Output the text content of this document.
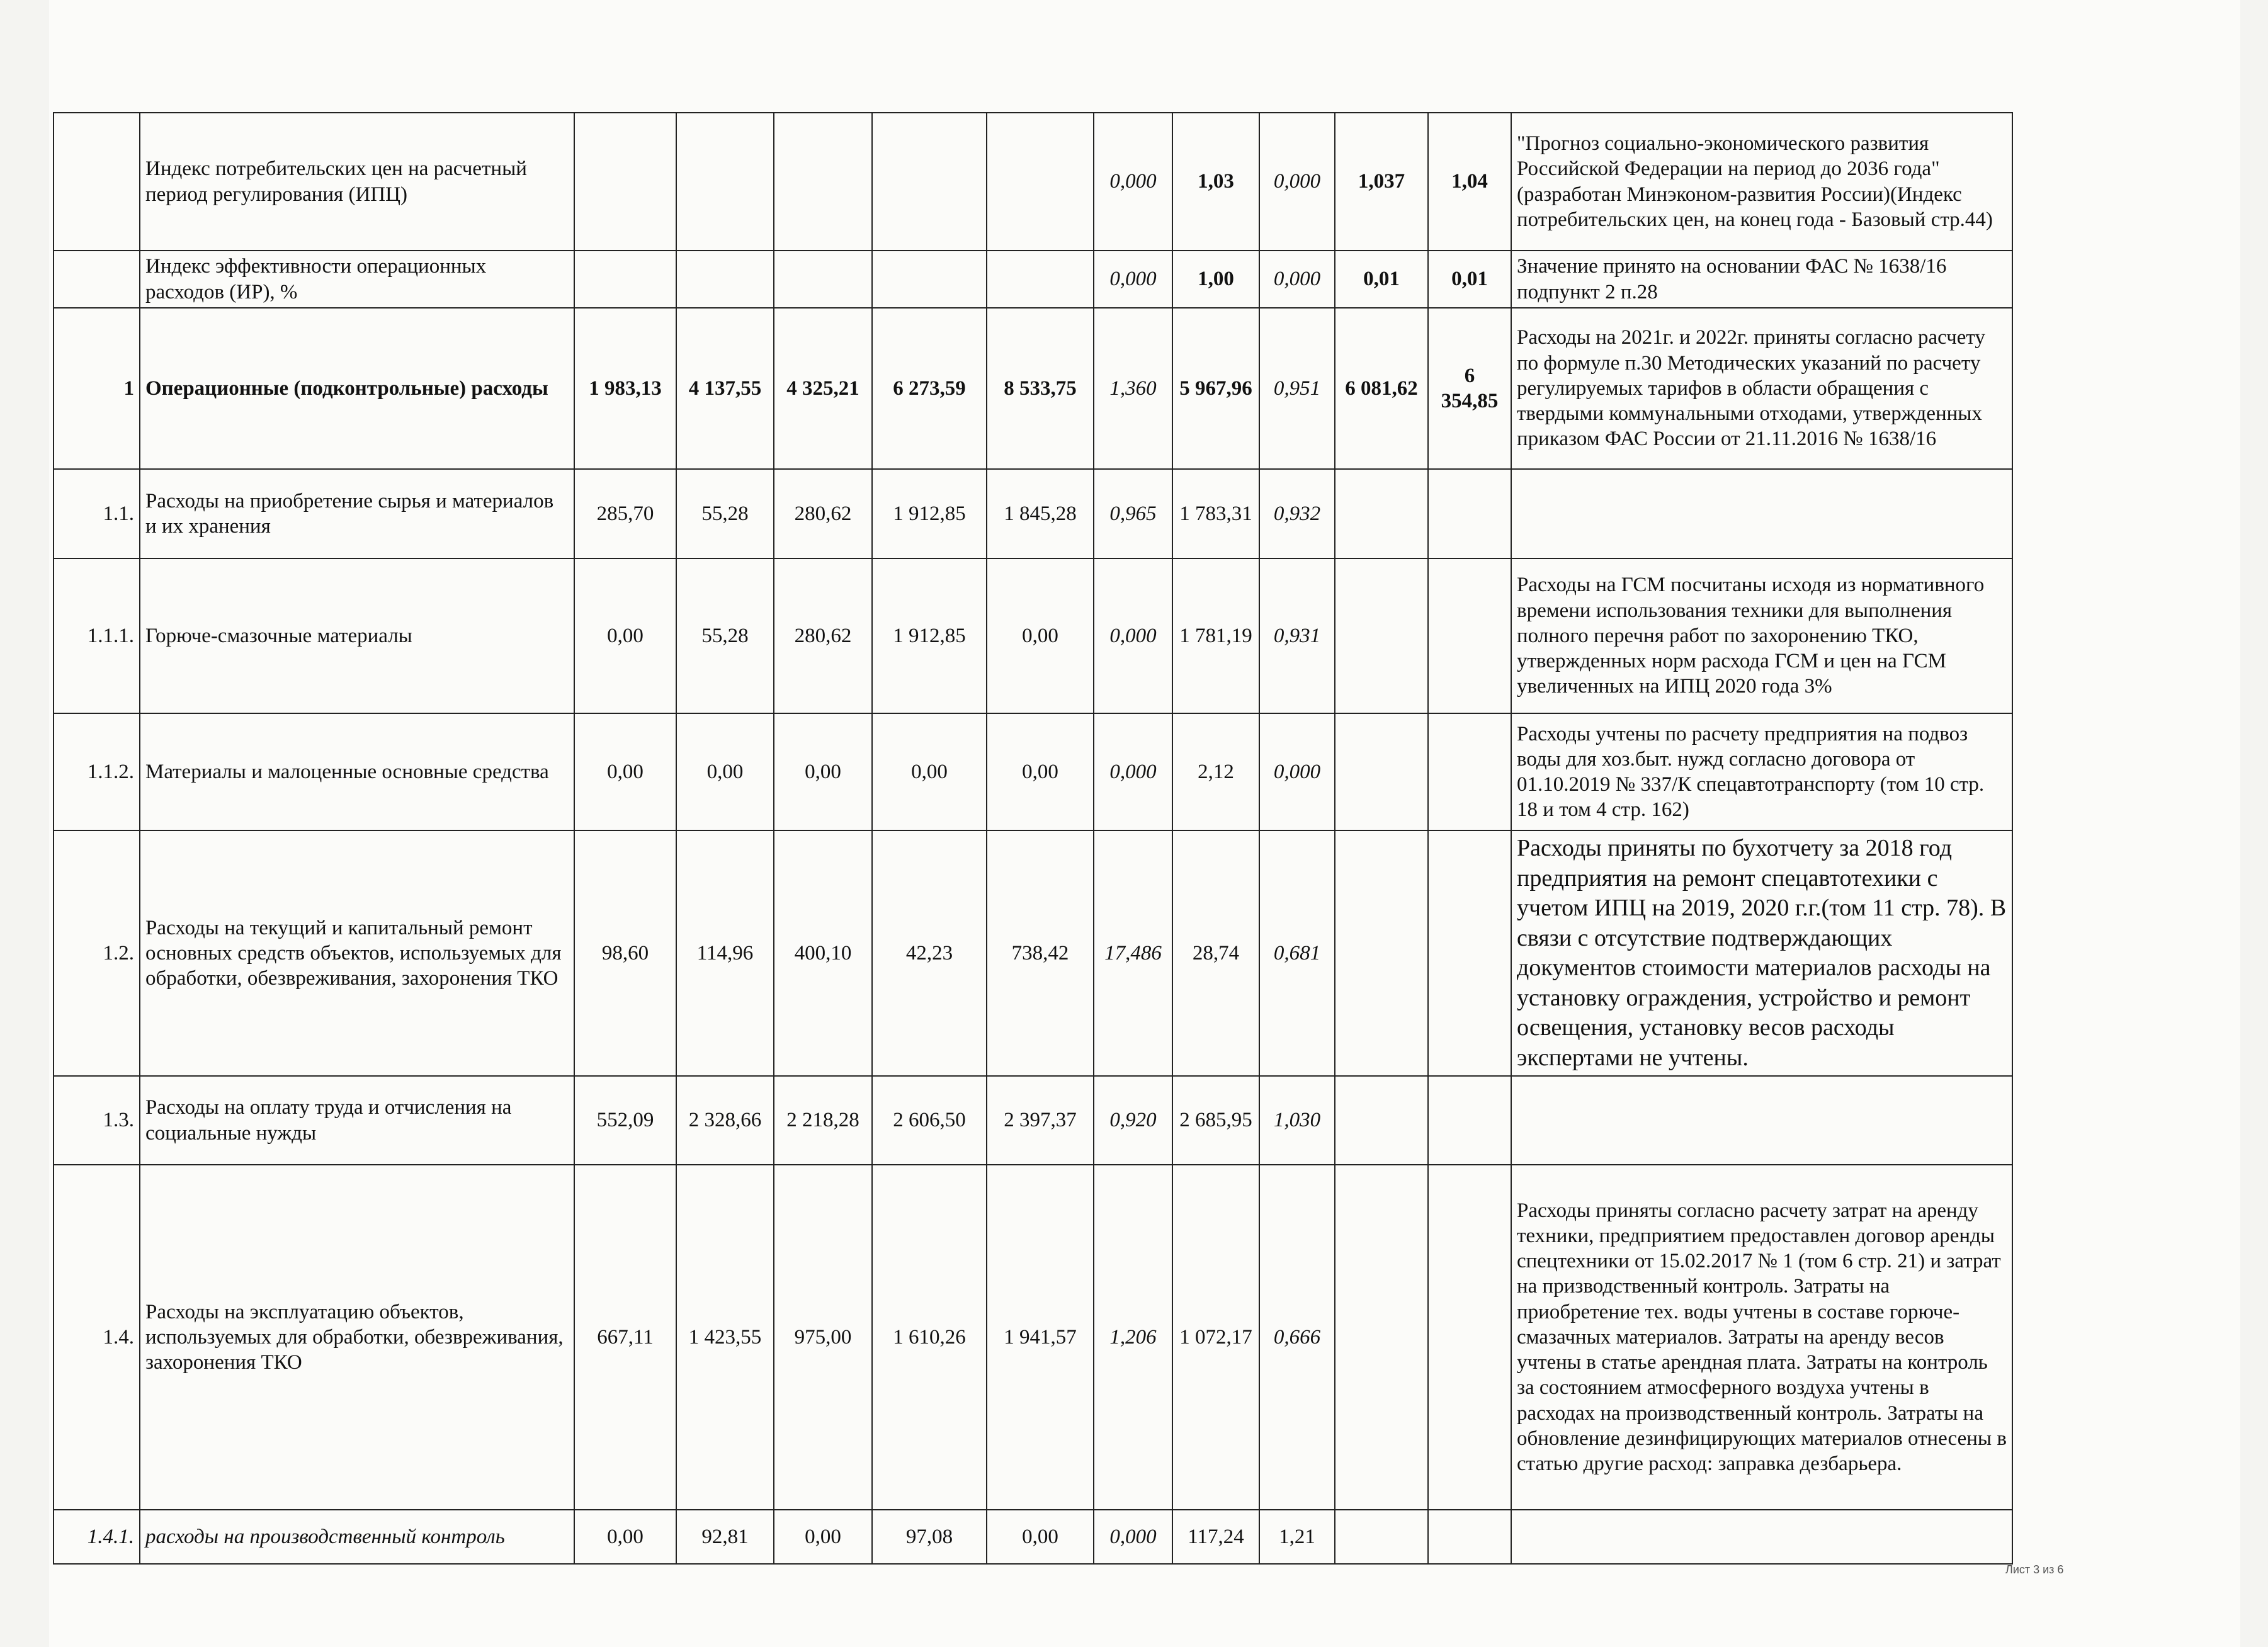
	Индекс потребительских цен на расчетный период регулирования (ИПЦ)						0,000	1,03	0,000	1,037	1,04	"Прогноз социально-экономического развития Российской Федерации на период до 2036 года" (разработан Минэконом-развития России)(Индекс потребительских цен, на конец года - Базовый стр.44)
	Индекс эффективности операционных расходов (ИР), %						0,000	1,00	0,000	0,01	0,01	Значение принято на основании ФАС № 1638/16 подпункт 2 п.28
1	Операционные (подконтрольные) расходы	1 983,13	4 137,55	4 325,21	6 273,59	8 533,75	1,360	5 967,96	0,951	6 081,62	6 354,85	Расходы на 2021г. и 2022г. приняты согласно расчету по формуле п.30 Методических указаний по расчету регулируемых тарифов в области обращения с твердыми коммунальными отходами, утвержденных приказом ФАС России от 21.11.2016 № 1638/16
1.1.	Расходы на приобретение сырья и материалов и их хранения	285,70	55,28	280,62	1 912,85	1 845,28	0,965	1 783,31	0,932			
1.1.1.	Горюче-смазочные материалы	0,00	55,28	280,62	1 912,85	0,00	0,000	1 781,19	0,931			Расходы на ГСМ посчитаны исходя из нормативного времени использования техники для выполнения полного перечня работ по захоронению ТКО, утвержденных норм расхода ГСМ и цен на ГСМ увеличенных на ИПЦ 2020 года 3%
1.1.2.	Материалы и малоценные основные средства	0,00	0,00	0,00	0,00	0,00	0,000	2,12	0,000			Расходы учтены по расчету предприятия на подвоз воды для хоз.быт. нужд согласно договора от 01.10.2019 № 337/К спецавтотранспорту (том 10 стр. 18 и том 4 стр. 162)
1.2.	Расходы на текущий и капитальный ремонт основных средств объектов, используемых для обработки, обезвреживания, захоронения ТКО	98,60	114,96	400,10	42,23	738,42	17,486	28,74	0,681			Расходы приняты по бухотчету за 2018 год предприятия на ремонт спецавтотехики с учетом ИПЦ на 2019, 2020 г.г.(том 11 стр. 78). В связи с отсутствие подтверждающих документов стоимости материалов расходы на установку ограждения, устройство и ремонт освещения, установку весов расходы экспертами не учтены.
1.3.	Расходы на оплату труда и отчисления на социальные нужды	552,09	2 328,66	2 218,28	2 606,50	2 397,37	0,920	2 685,95	1,030			
1.4.	Расходы на эксплуатацию объектов, иcпользуемых для обработки, обезвреживания, захоронения ТКО	667,11	1 423,55	975,00	1 610,26	1 941,57	1,206	1 072,17	0,666			Расходы приняты согласно расчету затрат на аренду техники, предприятием предоставлен договор аренды спецтехники от 15.02.2017 № 1 (том 6 стр. 21) и затрат на призводственный контроль. Затраты на приобретение тех. воды учтены в составе горюче-смазачных материалов. Затраты на аренду весов учтены в статье арендная плата. Затраты на контроль за состоянием атмосферного воздуха учтены в расходах на производственный контроль. Затраты на обновление дезинфицирующих материалов отнесены в статью другие расход: заправка дезбарьера.
1.4.1.	расходы на производственный контроль	0,00	92,81	0,00	97,08	0,00	0,000	117,24	1,21			
Лист 3 из 6
